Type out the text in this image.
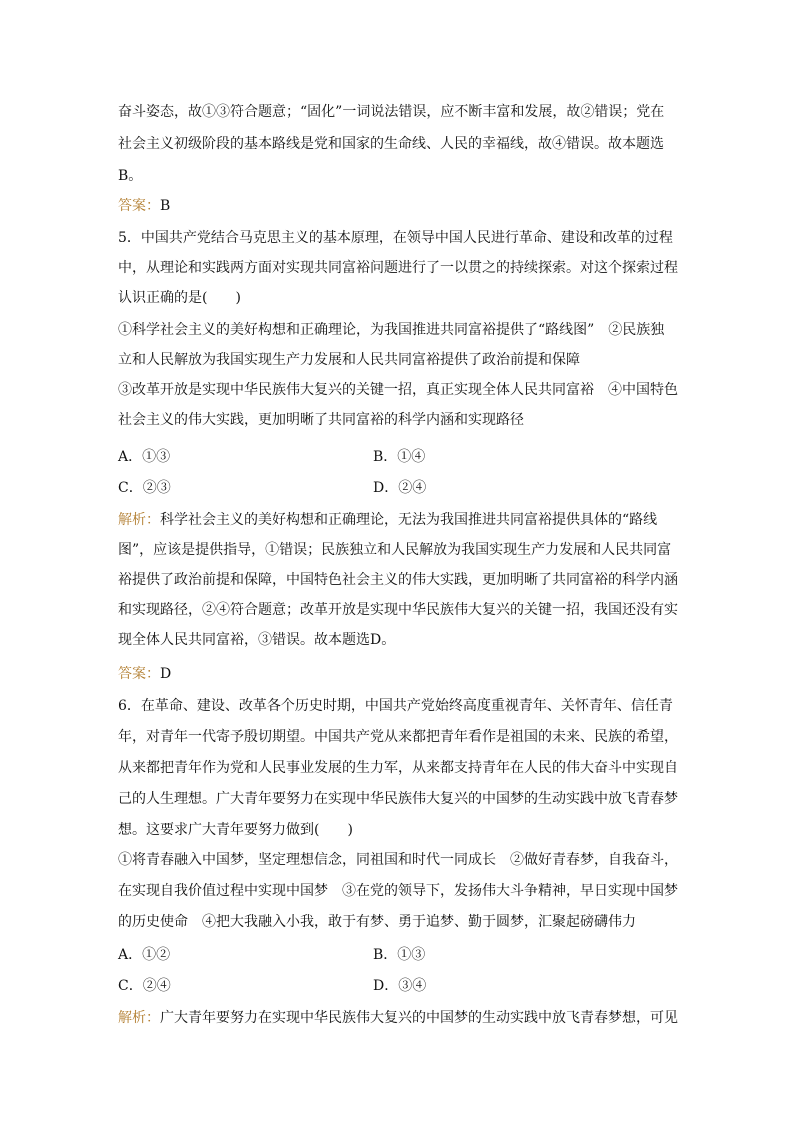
奋斗姿态，故①③符合题意；“固化”一词说法错误，应不断丰富和发展，故②错误；党在
社会主义初级阶段的基本路线是党和国家的生命线、人民的幸福线，故④错误。故本题选
B。
答案：B
5．中国共产党结合马克思主义的基本原理，在领导中国人民进行革命、建设和改革的过程
中，从理论和实践两方面对实现共同富裕问题进行了一以贯之的持续探索。对这个探索过程
认识正确的是(　　)
①科学社会主义的美好构想和正确理论，为我国推进共同富裕提供了“路线图”　②民族独
立和人民解放为我国实现生产力发展和人民共同富裕提供了政治前提和保障
③改革开放是实现中华民族伟大复兴的关键一招，真正实现全体人民共同富裕　④中国特色
社会主义的伟大实践，更加明晰了共同富裕的科学内涵和实现路径
A．①③	B．①④
C．②③	D．②④
解析：科学社会主义的美好构想和正确理论，无法为我国推进共同富裕提供具体的“路线
图”，应该是提供指导，①错误；民族独立和人民解放为我国实现生产力发展和人民共同富
裕提供了政治前提和保障，中国特色社会主义的伟大实践，更加明晰了共同富裕的科学内涵
和实现路径，②④符合题意；改革开放是实现中华民族伟大复兴的关键一招，我国还没有实
现全体人民共同富裕，③错误。故本题选D。
答案：D
6．在革命、建设、改革各个历史时期，中国共产党始终高度重视青年、关怀青年、信任青
年，对青年一代寄予殷切期望。中国共产党从来都把青年看作是祖国的未来、民族的希望，
从来都把青年作为党和人民事业发展的生力军，从来都支持青年在人民的伟大奋斗中实现自
己的人生理想。广大青年要努力在实现中华民族伟大复兴的中国梦的生动实践中放飞青春梦
想。这要求广大青年要努力做到(　　)
①将青春融入中国梦，坚定理想信念，同祖国和时代一同成长　②做好青春梦，自我奋斗，
在实现自我价值过程中实现中国梦　③在党的领导下，发扬伟大斗争精神，早日实现中国梦
的历史使命　④把大我融入小我，敢于有梦、勇于追梦、勤于圆梦，汇聚起磅礴伟力
A．①②	B．①③
C．②④	D．③④
解析：广大青年要努力在实现中华民族伟大复兴的中国梦的生动实践中放飞青春梦想，可见
